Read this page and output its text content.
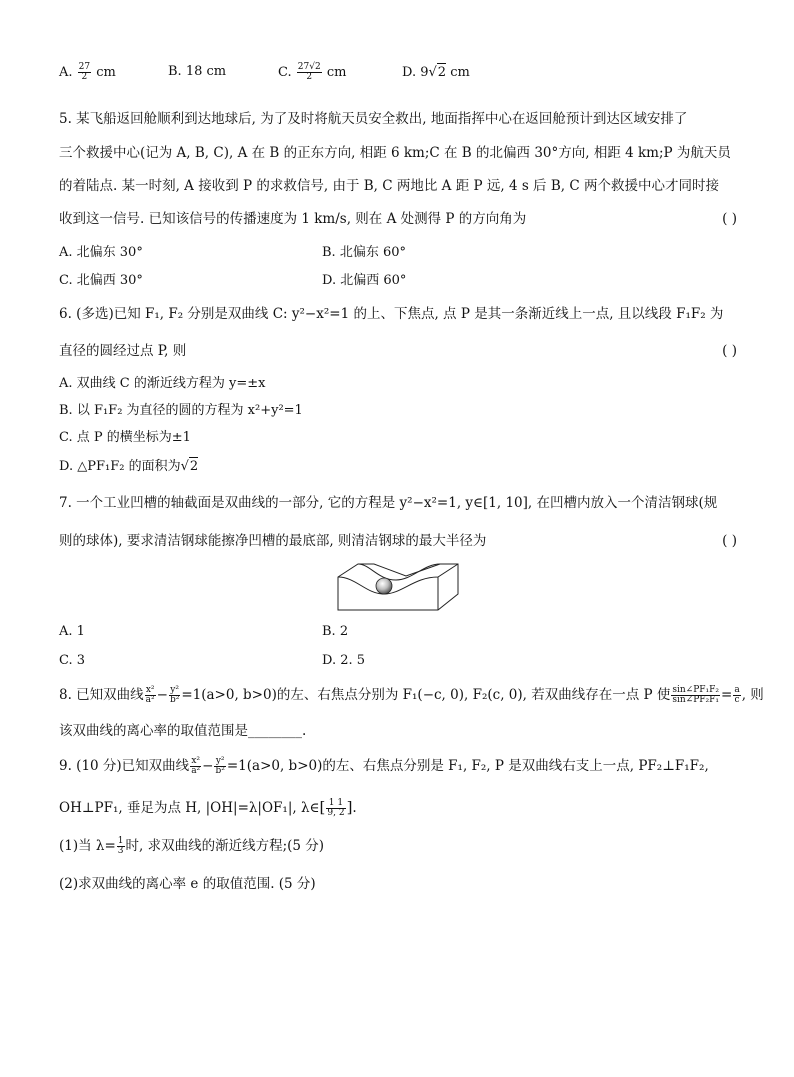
A. $\frac{27}{2}$ cm	B. 18 cm	C. $\frac{27√2}{2}$ cm	D. 9√2 cm
5. 某飞船返回舱顺利到达地球后, 为了及时将航天员安全救出, 地面指挥中心在返回舱预计到达区域安排了
三个救援中心(记为 A, B, C), A 在 B 的正东方向, 相距 6 km;C 在 B 的北偏西 30°方向, 相距 4 km;P 为航天员
的着陆点. 某一时刻, A 接收到 P 的求救信号, 由于 B, C 两地比 A 距 P 远, 4 s 后 B, C 两个救援中心才同时接
收到这一信号. 已知该信号的传播速度为 1 km/s, 则在 A 处测得 P 的方向角为	( )
A. 北偏东 30°	B. 北偏东 60°
C. 北偏西 30°	D. 北偏西 60°
6. (多选)已知 F₁, F₂ 分别是双曲线 C: y²−x²=1 的上、下焦点, 点 P 是其一条渐近线上一点, 且以线段 F₁F₂ 为
直径的圆经过点 P, 则	( )
A. 双曲线 C 的渐近线方程为 y=±x
B. 以 F₁F₂ 为直径的圆的方程为 x²+y²=1
C. 点 P 的横坐标为±1
D. △PF₁F₂ 的面积为√2
7. 一个工业凹槽的轴截面是双曲线的一部分, 它的方程是 y²−x²=1, y∈[1, 10], 在凹槽内放入一个清洁钢球(规
则的球体), 要求清洁钢球能擦净凹槽的最底部, 则清洁钢球的最大半径为	( )
A. 1	B. 2
C. 3	D. 2. 5
8. 已知双曲线 $\frac{\text{x²}}{\text{a²}} - \frac{\text{y²}}{\text{b²}} =1(a>0$, b>0)的左、右焦点分别为 F₁(−c, 0), F₂(c, 0), 若双曲线存在一点 P 使 $\frac{\text{sin∠PF₁F₂}}{\text{sin∠PF₂F₁}} = \frac{a}{c}$ , 则
该双曲线的离心率的取值范围是________.
9. (10 分)已知双曲线 $\frac{\text{x²}}{\text{a²}} - \frac{\text{y²}}{\text{b²}} =1(a>0$, b>0)的左、右焦点分别是 F₁, F₂, P 是双曲线右支上一点, PF₂⊥F₁F₂,
OH⊥PF₁, 垂足为点 H, |OH|=λ|OF₁|, λ∈[ $\frac{1 1}{9, 2}$ ].
(1)当 $\lambda= \frac{1}{3}$ 时, 求双曲线的渐近线方程;(5 分)
(2)求双曲线的离心率 e 的取值范围. (5 分)
